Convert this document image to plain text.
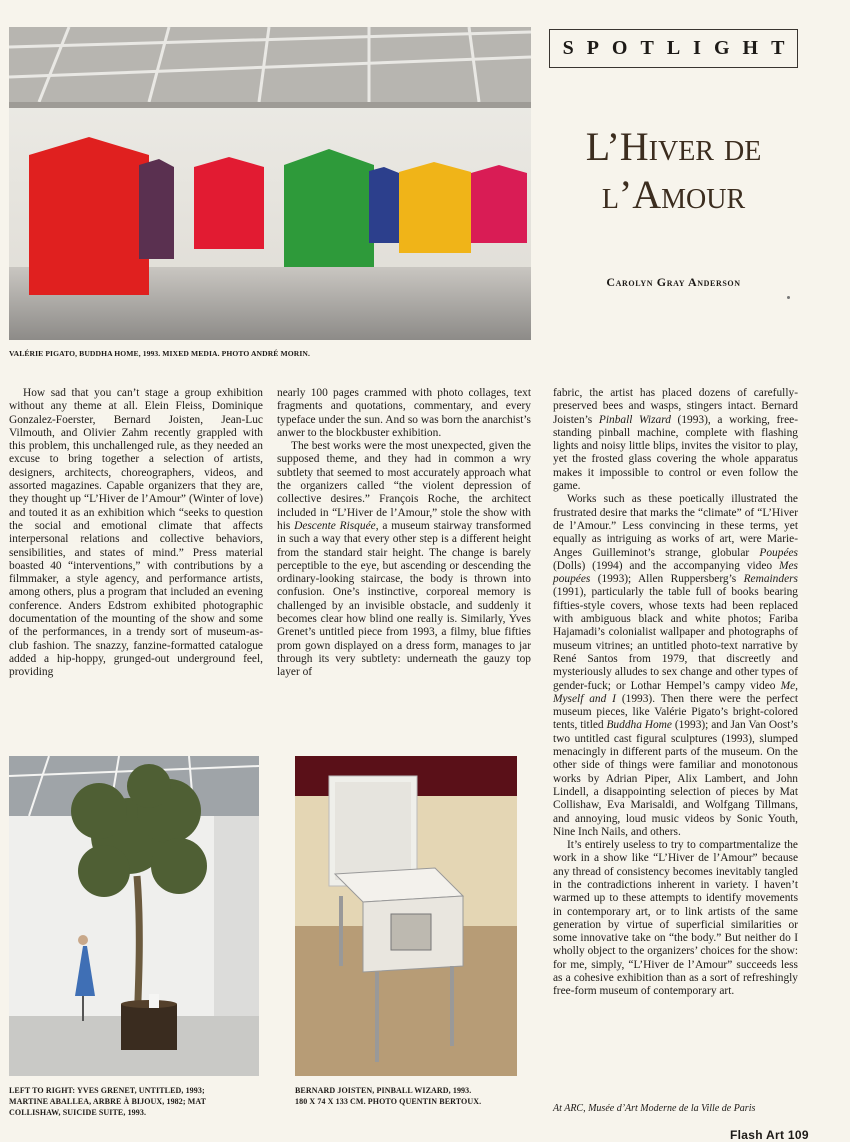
VALÉRIE PIGATO, BUDDHA HOME, 1993. MIXED MEDIA. PHOTO ANDRÉ MORIN.
SPOTLIGHT
L’Hiver de
l’Amour
Carolyn Gray Anderson

How sad that you can’t stage a group exhibition without any theme at all. Elein Fleiss, Dominique Gonzalez-Foerster, Bernard Joisten, Jean-Luc Vilmouth, and Olivier Zahm recently grappled with this problem, this unchallenged rule, as they needed an excuse to bring together a selection of artists, designers, architects, choreographers, videos, and assorted magazines. Capable organizers that they are, they thought up “L’Hiver de l’Amour” (Winter of love) and touted it as an exhibition which “seeks to question the social and emotional climate that affects interpersonal relations and collective behaviors, sensibilities, and states of mind.” Press material boasted 40 “interventions,” with contributions by a filmmaker, a style agency, and performance artists, among others, plus a program that included an evening conference. Anders Edstrom exhibited photographic documentation of the mounting of the show and some of the performances, in a trendy sort of museum-as-club fashion. The snazzy, fanzine-formatted catalogue added a hip-hoppy, grunged-out underground feel, providing

nearly 100 pages crammed with photo collages, text fragments and quotations, commentary, and every typeface under the sun. And so was born the anarchist’s anwer to the blockbuster exhibition.

The best works were the most unexpected, given the supposed theme, and they had in common a wry subtlety that seemed to most accurately approach what the organizers called “the violent depression of collective desires.” François Roche, the architect included in “L’Hiver de l’Amour,” stole the show with his Descente Risquée, a museum stairway transformed in such a way that every other step is a different height from the standard stair height. The change is barely perceptible to the eye, but ascending or descending the ordinary-looking staircase, the body is thrown into confusion. One’s instinctive, corporeal memory is challenged by an invisible obstacle, and suddenly it becomes clear how blind one really is. Similarly, Yves Grenet’s untitled piece from 1993, a filmy, blue fifties prom gown displayed on a dress form, manages to jar through its very subtlety: underneath the gauzy top layer of

fabric, the artist has placed dozens of carefully-preserved bees and wasps, stingers intact. Bernard Joisten’s Pinball Wizard (1993), a working, free-standing pinball machine, complete with flashing lights and noisy little blips, invites the visitor to play, yet the frosted glass covering the whole apparatus makes it impossible to control or even follow the game.

Works such as these poetically illustrated the frustrated desire that marks the “climate” of “L’Hiver de l’Amour.” Less convincing in these terms, yet equally as intriguing as works of art, were Marie-Anges Guilleminot’s strange, globular Poupées (Dolls) (1994) and the accompanying video Mes poupées (1993); Allen Ruppersberg’s Remainders (1991), particularly the table full of books bearing fifties-style covers, whose texts had been replaced with ambiguous black and white photos; Fariba Hajamadi’s colonialist wallpaper and photographs of museum vitrines; an untitled photo-text narrative by René Santos from 1979, that discreetly and mysteriously alludes to sex change and other types of gender-fuck; or Lothar Hempel’s campy video Me, Myself and I (1993). Then there were the perfect museum pieces, like Valérie Pigato’s bright-colored tents, titled Buddha Home (1993); and Jan Van Oost’s two untitled cast figural sculptures (1993), slumped menacingly in different parts of the museum. On the other side of things were familiar and monotonous works by Adrian Piper, Alix Lambert, and John Lindell, a disappointing selection of pieces by Mat Collishaw, Eva Marisaldi, and Wolfgang Tillmans, and annoying, loud music videos by Sonic Youth, Nine Inch Nails, and others.

It’s entirely useless to try to compartmentalize the work in a show like “L’Hiver de l’Amour” because any thread of consistency becomes inevitably tangled in the contradictions inherent in variety. I haven’t warmed up to these attempts to identify movements in contemporary art, or to link artists of the same generation by virtue of superficial similarities or some innovative take on “the body.” But neither do I wholly object to the organizers’ choices for the show: for me, simply, “L’Hiver de l’Amour” succeeds less as a cohesive exhibition than as a sort of refreshingly free-form museum of contemporary art.

LEFT TO RIGHT: YVES GRENET, UNTITLED, 1993;
MARTINE ABALLEA, ARBRE À BIJOUX, 1982; MAT
COLLISHAW, SUICIDE SUITE, 1993.
BERNARD JOISTEN, PINBALL WIZARD, 1993.
180 X 74 X 133 CM. PHOTO QUENTIN BERTOUX.
At ARC, Musée d’Art Moderne de la Ville de Paris
Flash Art 109
